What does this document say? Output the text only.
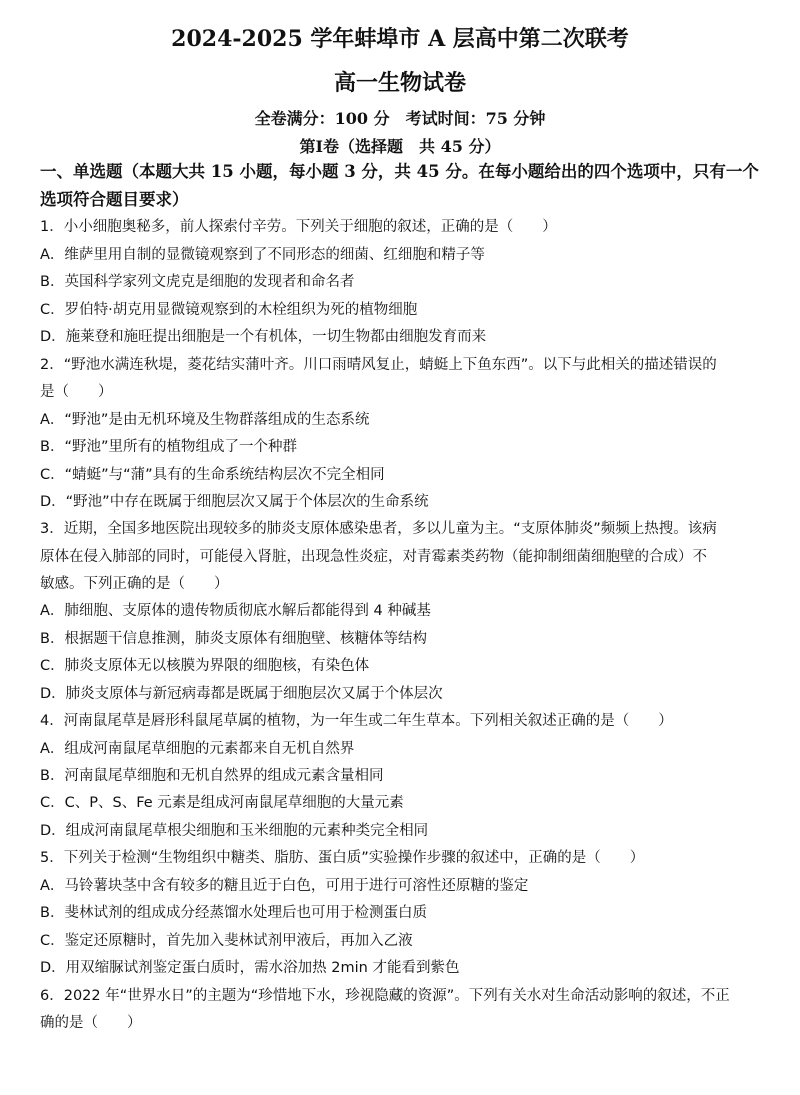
2024-2025 学年蚌埠市 A 层高中第二次联考
高一生物试卷
全卷满分：100 分　考试时间：75 分钟
第Ⅰ卷（选择题　共 45 分）
一、单选题（本题大共 15 小题，每小题 3 分，共 45 分。在每小题给出的四个选项中，只有一个选项符合题目要求）
1．小小细胞奥秘多，前人探索付辛劳。下列关于细胞的叙述，正确的是（　　）
A．维萨里用自制的显微镜观察到了不同形态的细菌、红细胞和精子等
B．英国科学家列文虎克是细胞的发现者和命名者
C．罗伯特·胡克用显微镜观察到的木栓组织为死的植物细胞
D．施莱登和施旺提出细胞是一个有机体，一切生物都由细胞发育而来
2．“野池水满连秋堤，菱花结实蒲叶齐。川口雨晴风复止，蜻蜓上下鱼东西”。以下与此相关的描述错误的
是（　　）
A．“野池”是由无机环境及生物群落组成的生态系统
B．“野池”里所有的植物组成了一个种群
C．“蜻蜓”与“蒲”具有的生命系统结构层次不完全相同
D．“野池”中存在既属于细胞层次又属于个体层次的生命系统
3．近期，全国多地医院出现较多的肺炎支原体感染患者，多以儿童为主。“支原体肺炎”频频上热搜。该病
原体在侵入肺部的同时，可能侵入肾脏，出现急性炎症，对青霉素类药物（能抑制细菌细胞壁的合成）不
敏感。下列正确的是（　　）
A．肺细胞、支原体的遗传物质彻底水解后都能得到 4 种碱基
B．根据题干信息推测，肺炎支原体有细胞壁、核糖体等结构
C．肺炎支原体无以核膜为界限的细胞核，有染色体
D．肺炎支原体与新冠病毒都是既属于细胞层次又属于个体层次
4．河南鼠尾草是唇形科鼠尾草属的植物，为一年生或二年生草本。下列相关叙述正确的是（　　）
A．组成河南鼠尾草细胞的元素都来自无机自然界
B．河南鼠尾草细胞和无机自然界的组成元素含量相同
C．C、P、S、Fe 元素是组成河南鼠尾草细胞的大量元素
D．组成河南鼠尾草根尖细胞和玉米细胞的元素种类完全相同
5．下列关于检测“生物组织中糖类、脂肪、蛋白质”实验操作步骤的叙述中，正确的是（　　）
A．马铃薯块茎中含有较多的糖且近于白色，可用于进行可溶性还原糖的鉴定
B．斐林试剂的组成成分经蒸馏水处理后也可用于检测蛋白质
C．鉴定还原糖时，首先加入斐林试剂甲液后，再加入乙液
D．用双缩脲试剂鉴定蛋白质时，需水浴加热 2min 才能看到紫色
6．2022 年“世界水日”的主题为“珍惜地下水，珍视隐藏的资源”。下列有关水对生命活动影响的叙述，不正
确的是（　　）
